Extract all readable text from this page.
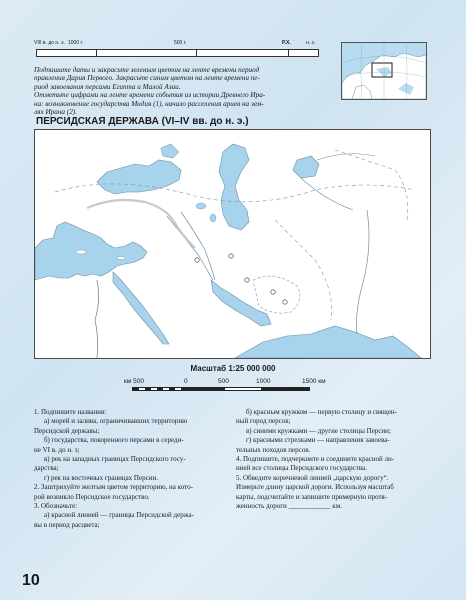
VIII в. до н. э. 1000 г.	500 г.	Р.Х.	н. э.

Подпишите даты и закрасьте зеленым цветом на ленте времени период

правления Дария Первого. Закрасьте синим цветом на ленте времени пе-

риод завоевания персами Египта и Малой Азии.

Отметьте цифрами на ленте времени события из истории Древнего Ира-

на: возникновение государства Мидия (1), начало расселения ариев на зем-

лях Ирана (2).

ПЕРСИДСКАЯ ДЕРЖАВА (VI–IV вв. до н. э.)
Масштаб 1:25 000 000
км 500	0	500	1000	1500 км
1. Подпишите названия:
а) морей и залива, ограничивавших территорию
Персидской державы;
б) государства, покоренного персами в середи-
не VI в. до н. э;
в) рек на западных границах Персидского госу-
дарства;
г) рек на восточных границах Персии.
2. Заштрихуйте желтым цветом территорию, на кото-
рой возникло Персидское государство.
3. Обозначьте:
а) красной линией — границы Персидской держа-
вы в период расцвета;
б) красным кружком — первую столицу и священ-
ный город персов;
в) синими кружками — другие столицы Персии;
г) красными стрелками — направления завоева-
тельных походов персов.
4. Подпишите, подчеркните и соедините красной ли-
нией все столицы Персидского государства.
5. Обведите коричневой линией „царскую дорогу“.
Измерьте длину царской дороги. Используя масштаб
карты, подсчитайте и запишите примерную протя-
женность дороги ____________ км.
10
